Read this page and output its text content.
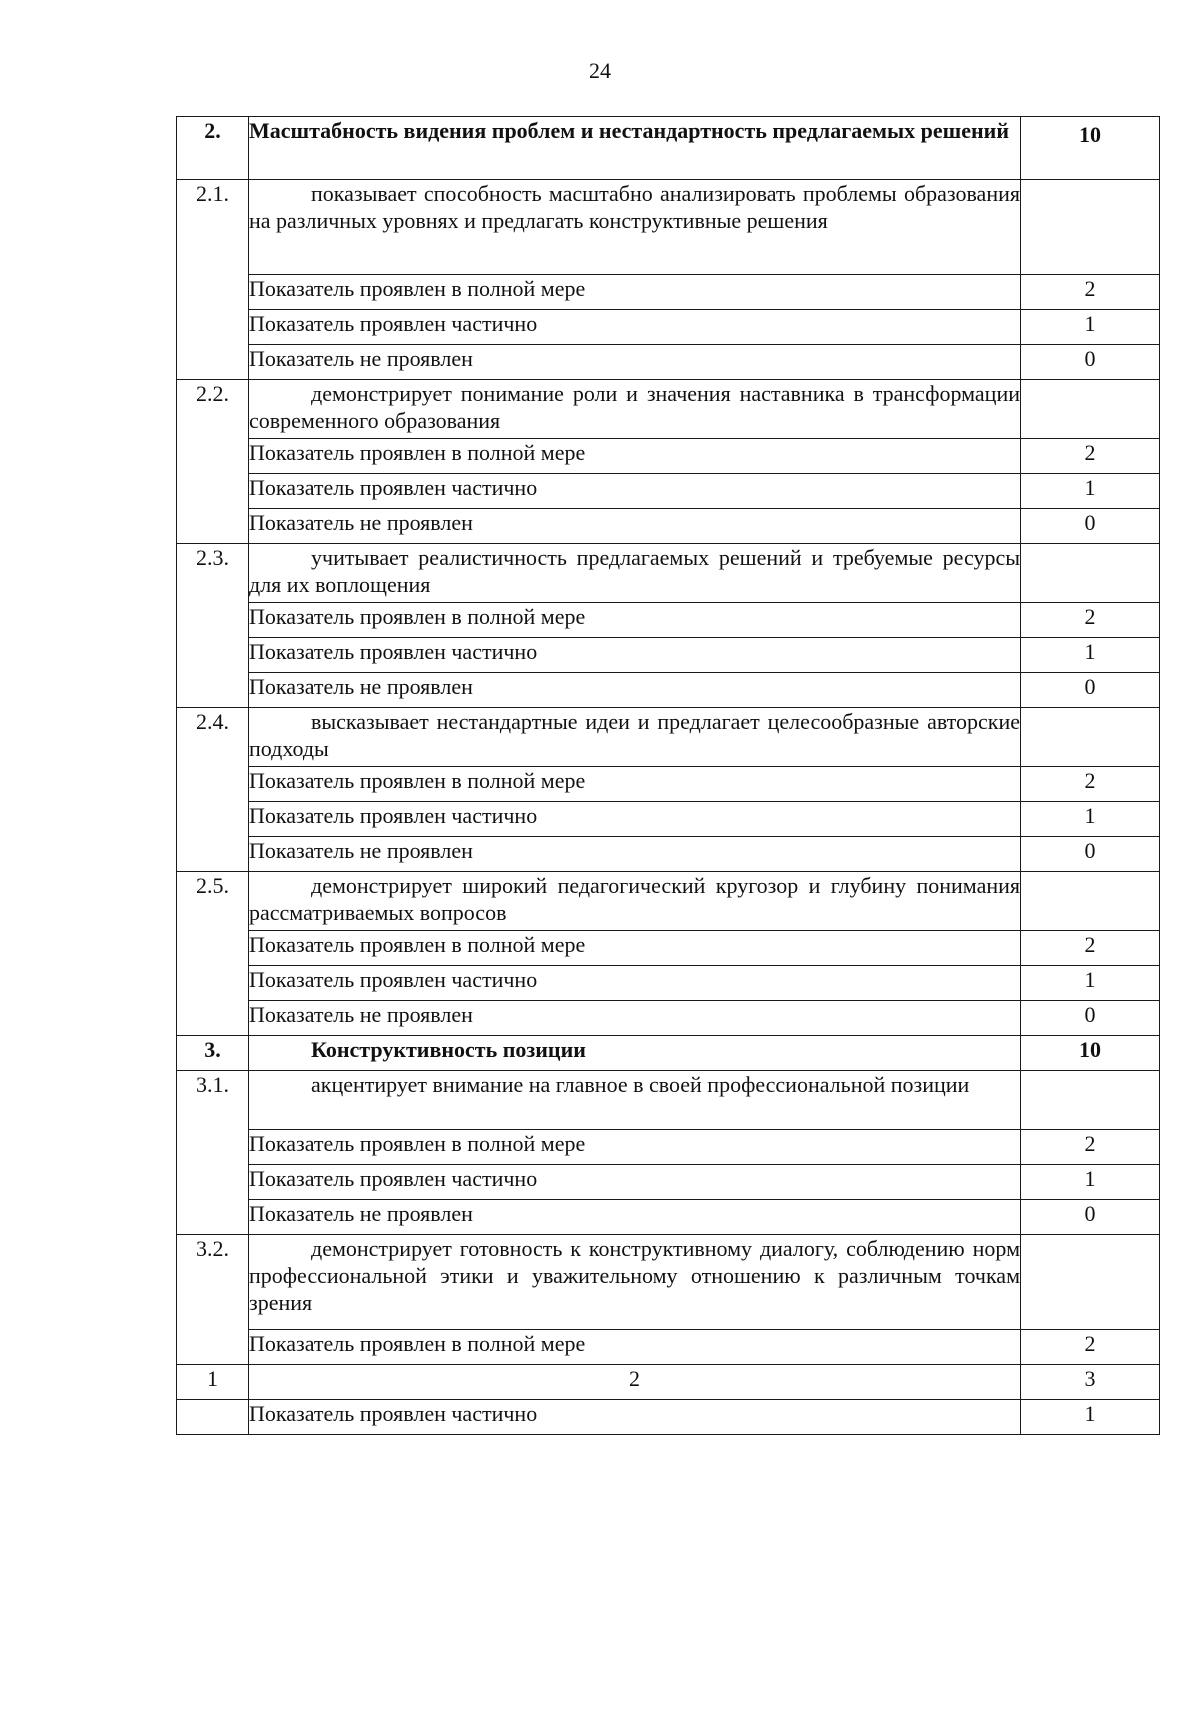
24
2.	Масштабность видения проблем и нестандартность предлагаемых решений	10
2.1.	показывает способность масштабно анализировать проблемы образования на различных уровнях и предлагать конструктивные решения	
	Показатель проявлен в полной мере	2
	Показатель проявлен частично	1
	Показатель не проявлен	0
2.2.	демонстрирует понимание роли и значения наставника в трансформации современного образования	
	Показатель проявлен в полной мере	2
	Показатель проявлен частично	1
	Показатель не проявлен	0
2.3.	учитывает реалистичность предлагаемых решений и требуемые ресурсы для их воплощения	
	Показатель проявлен в полной мере	2
	Показатель проявлен частично	1
	Показатель не проявлен	0
2.4.	высказывает нестандартные идеи и предлагает целесообразные авторские подходы	
	Показатель проявлен в полной мере	2
	Показатель проявлен частично	1
	Показатель не проявлен	0
2.5.	демонстрирует широкий педагогический кругозор и глубину понимания рассматриваемых вопросов	
	Показатель проявлен в полной мере	2
	Показатель проявлен частично	1
	Показатель не проявлен	0
3.	Конструктивность позиции	10
3.1.	акцентирует внимание на главное в своей профессиональной позиции	
	Показатель проявлен в полной мере	2
	Показатель проявлен частично	1
	Показатель не проявлен	0
3.2.	демонстрирует готовность к конструктивному диалогу, соблюдению норм профессиональной этики и уважительному отношению к различным точкам зрения	
	Показатель проявлен в полной мере	2
1	2	3
	Показатель проявлен частично	1
